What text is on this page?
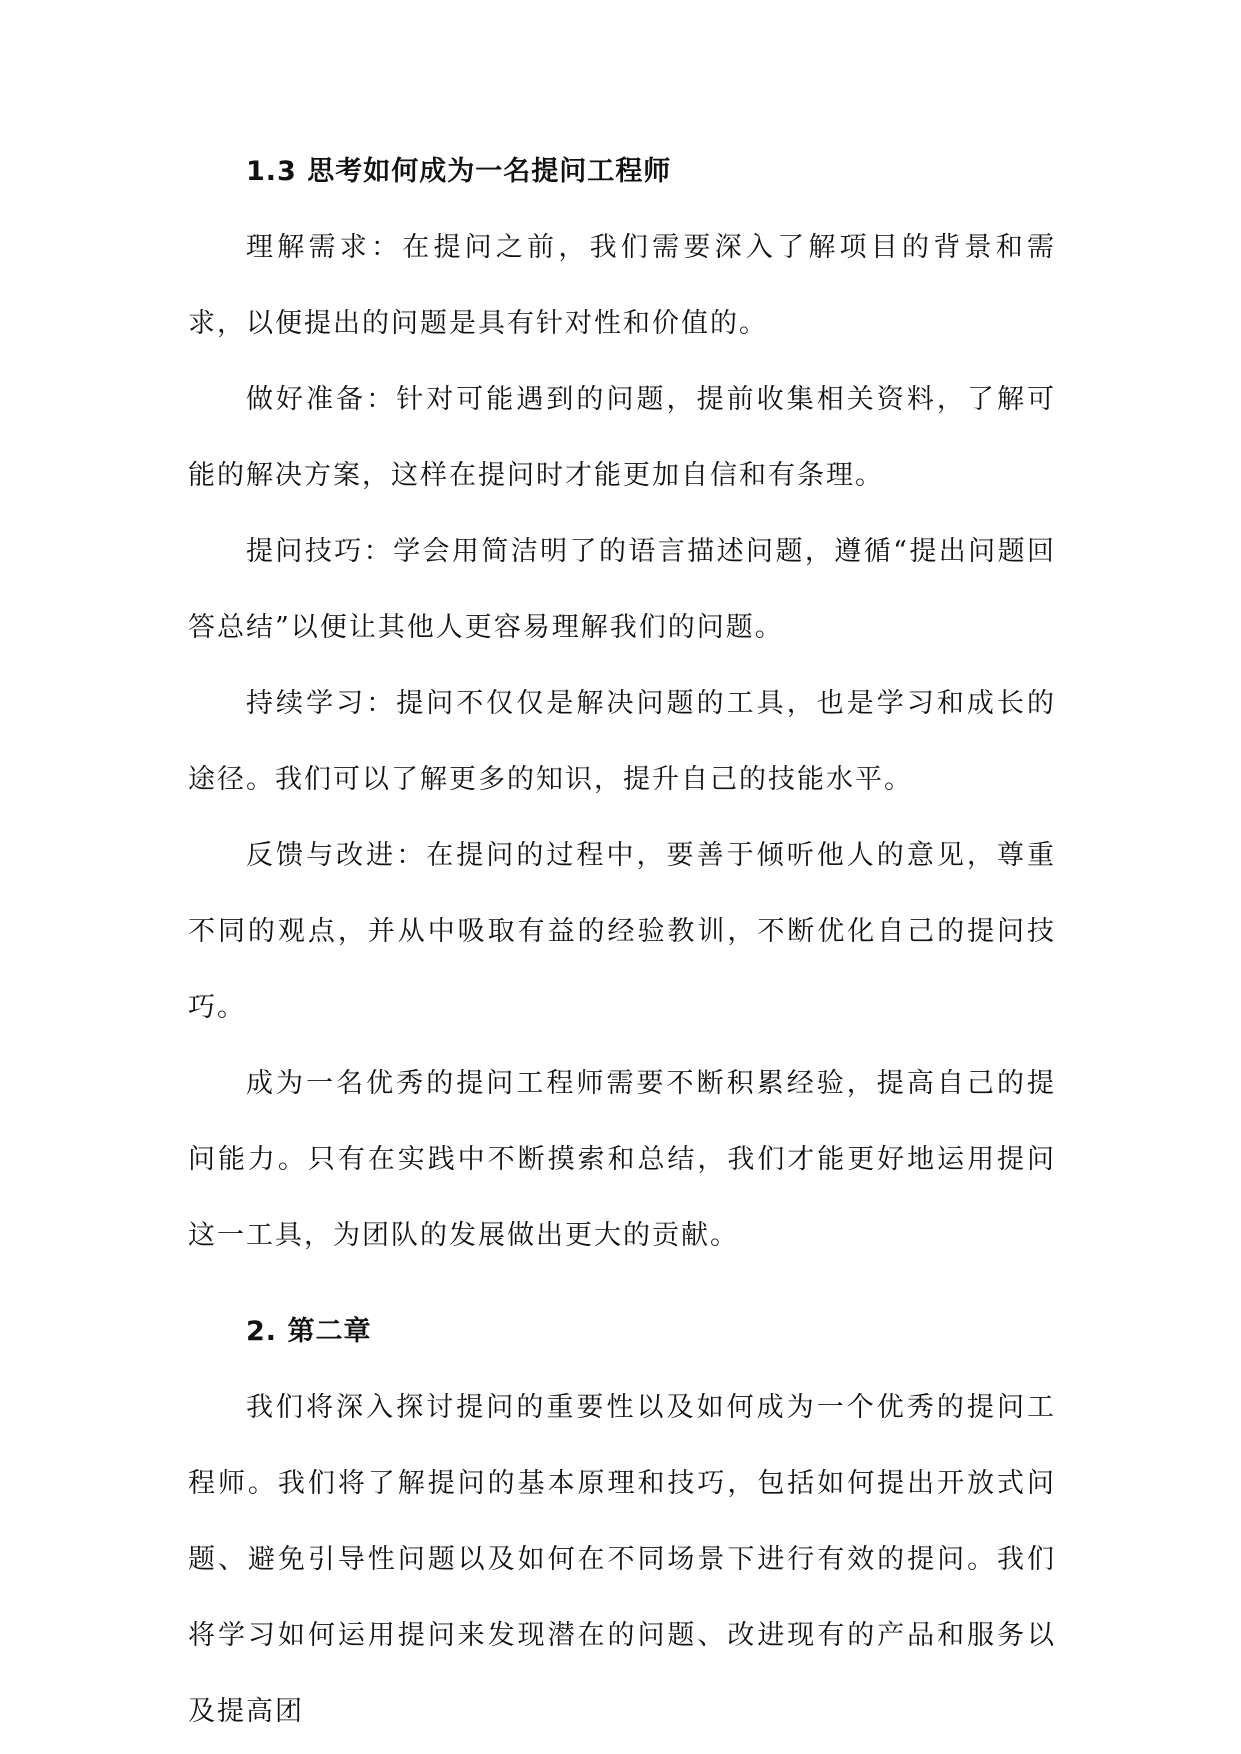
1.3 思考如何成为一名提问工程师

理解需求：在提问之前，我们需要深入了解项目的背景和需求，以便提出的问题是具有针对性和价值的。

做好准备：针对可能遇到的问题，提前收集相关资料，了解可能的解决方案，这样在提问时才能更加自信和有条理。

提问技巧：学会用简洁明了的语言描述问题，遵循“提出问题回答总结”以便让其他人更容易理解我们的问题。

持续学习：提问不仅仅是解决问题的工具，也是学习和成长的途径。我们可以了解更多的知识，提升自己的技能水平。

反馈与改进：在提问的过程中，要善于倾听他人的意见，尊重不同的观点，并从中吸取有益的经验教训，不断优化自己的提问技巧。

成为一名优秀的提问工程师需要不断积累经验，提高自己的提问能力。只有在实践中不断摸索和总结，我们才能更好地运用提问这一工具，为团队的发展做出更大的贡献。

2. 第二章

我们将深入探讨提问的重要性以及如何成为一个优秀的提问工程师。我们将了解提问的基本原理和技巧，包括如何提出开放式问题、避免引导性问题以及如何在不同场景下进行有效的提问。我们将学习如何运用提问来发现潜在的问题、改进现有的产品和服务以及提高团
